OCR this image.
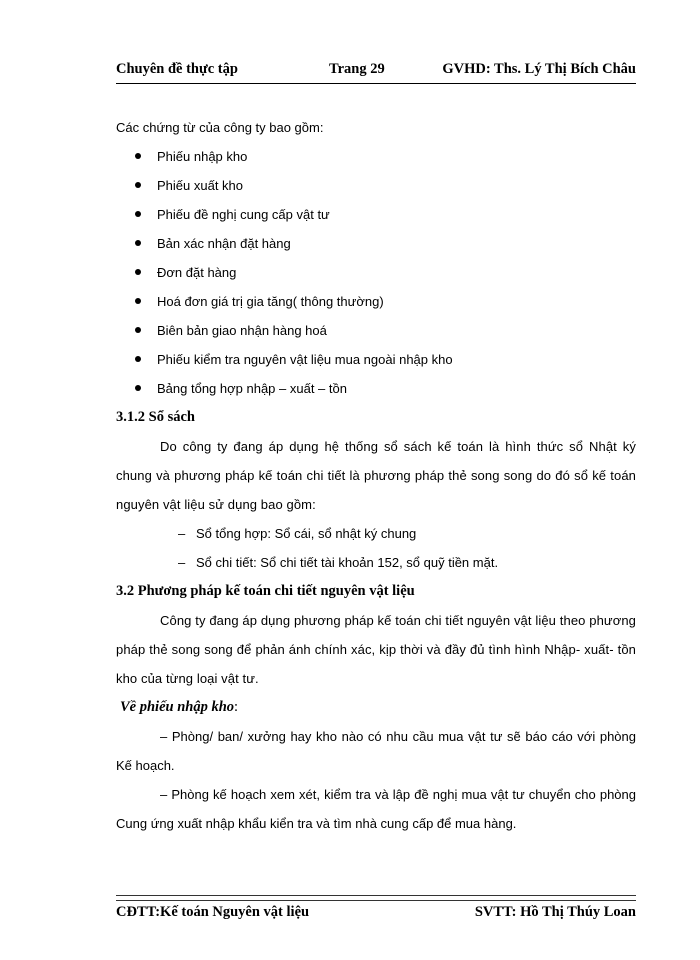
Chuyên đề thực tập	Trang 29	GVHD: Ths. Lý Thị Bích Châu

Các chứng từ của công ty bao gồm:

Phiếu nhập kho
Phiếu xuất kho
Phiếu đề nghị cung cấp vật tư
Bản xác nhận đặt hàng
Đơn đặt hàng
Hoá đơn giá trị gia tăng( thông thường)
Biên bản giao nhận hàng hoá
Phiếu kiểm tra nguyên vật liệu mua ngoài nhập kho
Bảng tổng hợp nhập – xuất – tồn

3.1.2 Sổ sách

Do công ty đang áp dụng hệ thống sổ sách kế toán là hình thức sổ Nhật ký chung và phương pháp kế toán chi tiết là phương pháp thẻ song song do đó sổ kế toán nguyên vật liệu sử dụng bao gồm:

– Sổ tổng hợp: Sổ cái, sổ nhật ký chung
– Sổ chi tiết: Sổ chi tiết tài khoản 152, sổ quỹ tiền mặt.

3.2 Phương pháp kế toán chi tiết nguyên vật liệu

Công ty đang áp dụng phương pháp kế toán chi tiết nguyên vật liệu theo phương pháp thẻ song song để phản ánh chính xác, kịp thời và đầy đủ tình hình Nhập- xuất- tồn kho của từng loại vật tư.

Về phiếu nhập kho:

– Phòng/ ban/ xưởng hay kho nào có nhu cầu mua vật tư sẽ báo cáo với phòng Kế hoạch.

– Phòng kế hoạch xem xét, kiểm tra và lập đề nghị mua vật tư chuyển cho phòng Cung ứng xuất nhập khẩu kiển tra và tìm nhà cung cấp để mua hàng.

CĐTT:Kế toán Nguyên vật liệu	SVTT: Hồ Thị Thúy Loan
